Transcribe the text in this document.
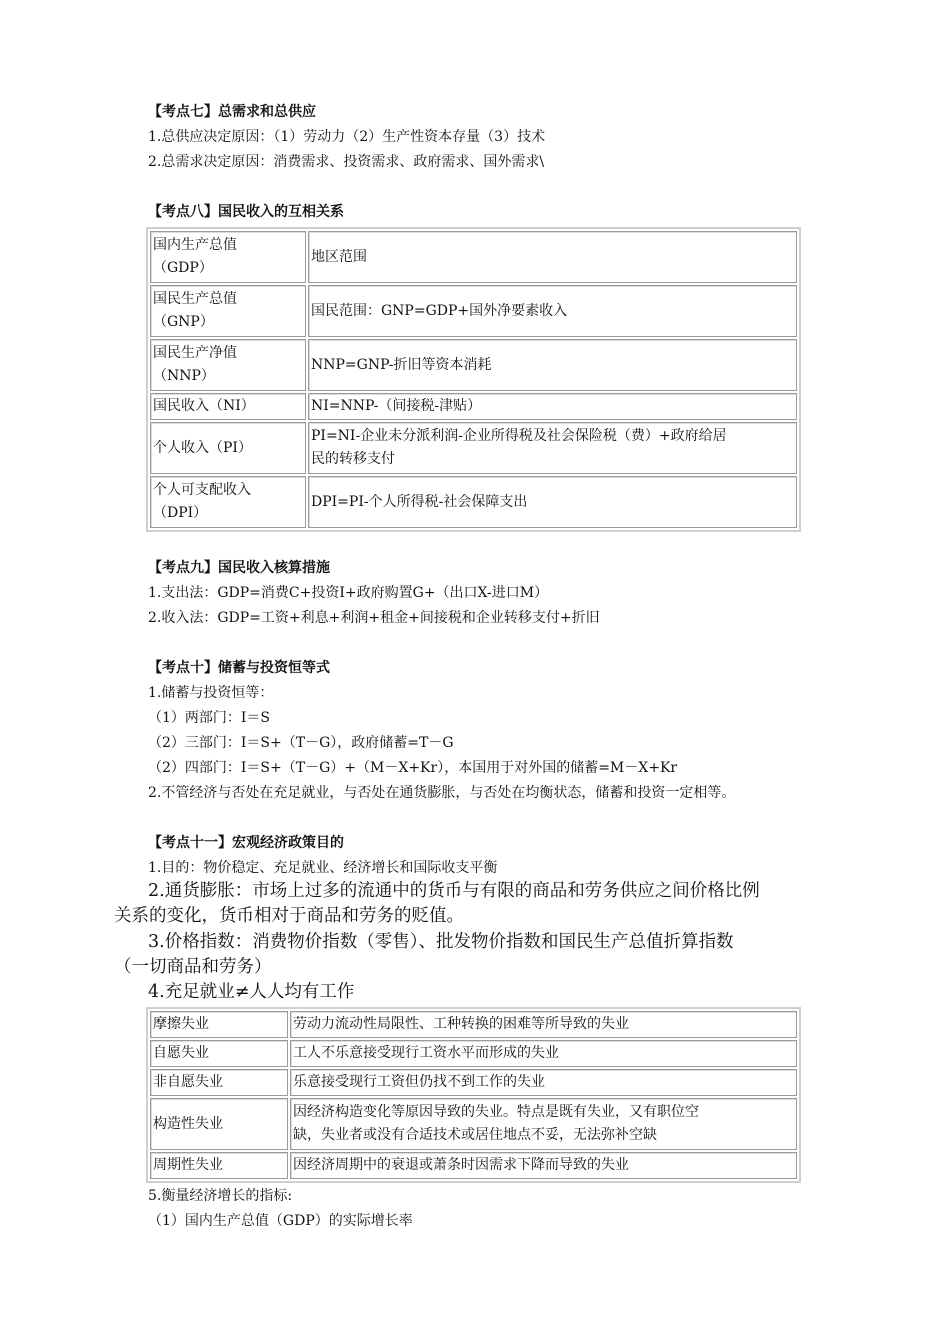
【考点七】总需求和总供应
1.总供应决定原因：（1）劳动力（2）生产性资本存量（3）技术
2.总需求决定原因：消费需求、投资需求、政府需求、国外需求\
【考点八】国民收入的互相关系
国内生产总值
（GDP）	地区范围

国民生产总值
（GNP）	国民范围：GNP=GDP+国外净要素收入

国民生产净值
（NNP）	NNP=GNP-折旧等资本消耗

国民收入（NI）	NI=NNP-（间接税-津贴）

个人收入（PI）	PI=NI-企业未分派利润-企业所得税及社会保险税（费）+政府给居
民的转移支付

个人可支配收入
（DPI）	DPI=PI-个人所得税-社会保障支出
【考点九】国民收入核算措施
1.支出法：GDP=消费C+投资I+政府购置G+（出口X-进口M）
2.收入法：GDP=工资+利息+利润+租金+间接税和企业转移支付+折旧
【考点十】储蓄与投资恒等式
1.储蓄与投资恒等：
（1）两部门：I＝S
（2）三部门：I＝S+（T－G），政府储蓄=T－G
（2）四部门：I＝S+（T－G）+（M－X+Kr），本国用于对外国的储蓄=M－X+Kr
2.不管经济与否处在充足就业，与否处在通货膨胀，与否处在均衡状态，储蓄和投资一定相等。
【考点十一】宏观经济政策目的
1.目的：物价稳定、充足就业、经济增长和国际收支平衡
2.通货膨胀：市场上过多的流通中的货币与有限的商品和劳务供应之间价格比例
关系的变化，货币相对于商品和劳务的贬值。
3.价格指数：消费物价指数（零售）、批发物价指数和国民生产总值折算指数
（一切商品和劳务）
4.充足就业≠人人均有工作
摩擦失业	劳动力流动性局限性、工种转换的困难等所导致的失业

自愿失业	工人不乐意接受现行工资水平而形成的失业

非自愿失业	乐意接受现行工资但仍找不到工作的失业

构造性失业	因经济构造变化等原因导致的失业。特点是既有失业，又有职位空
缺，失业者或没有合适技术或居住地点不妥，无法弥补空缺

周期性失业	因经济周期中的衰退或萧条时因需求下降而导致的失业
5.衡量经济增长的指标:
（1）国内生产总值（GDP）的实际增长率
